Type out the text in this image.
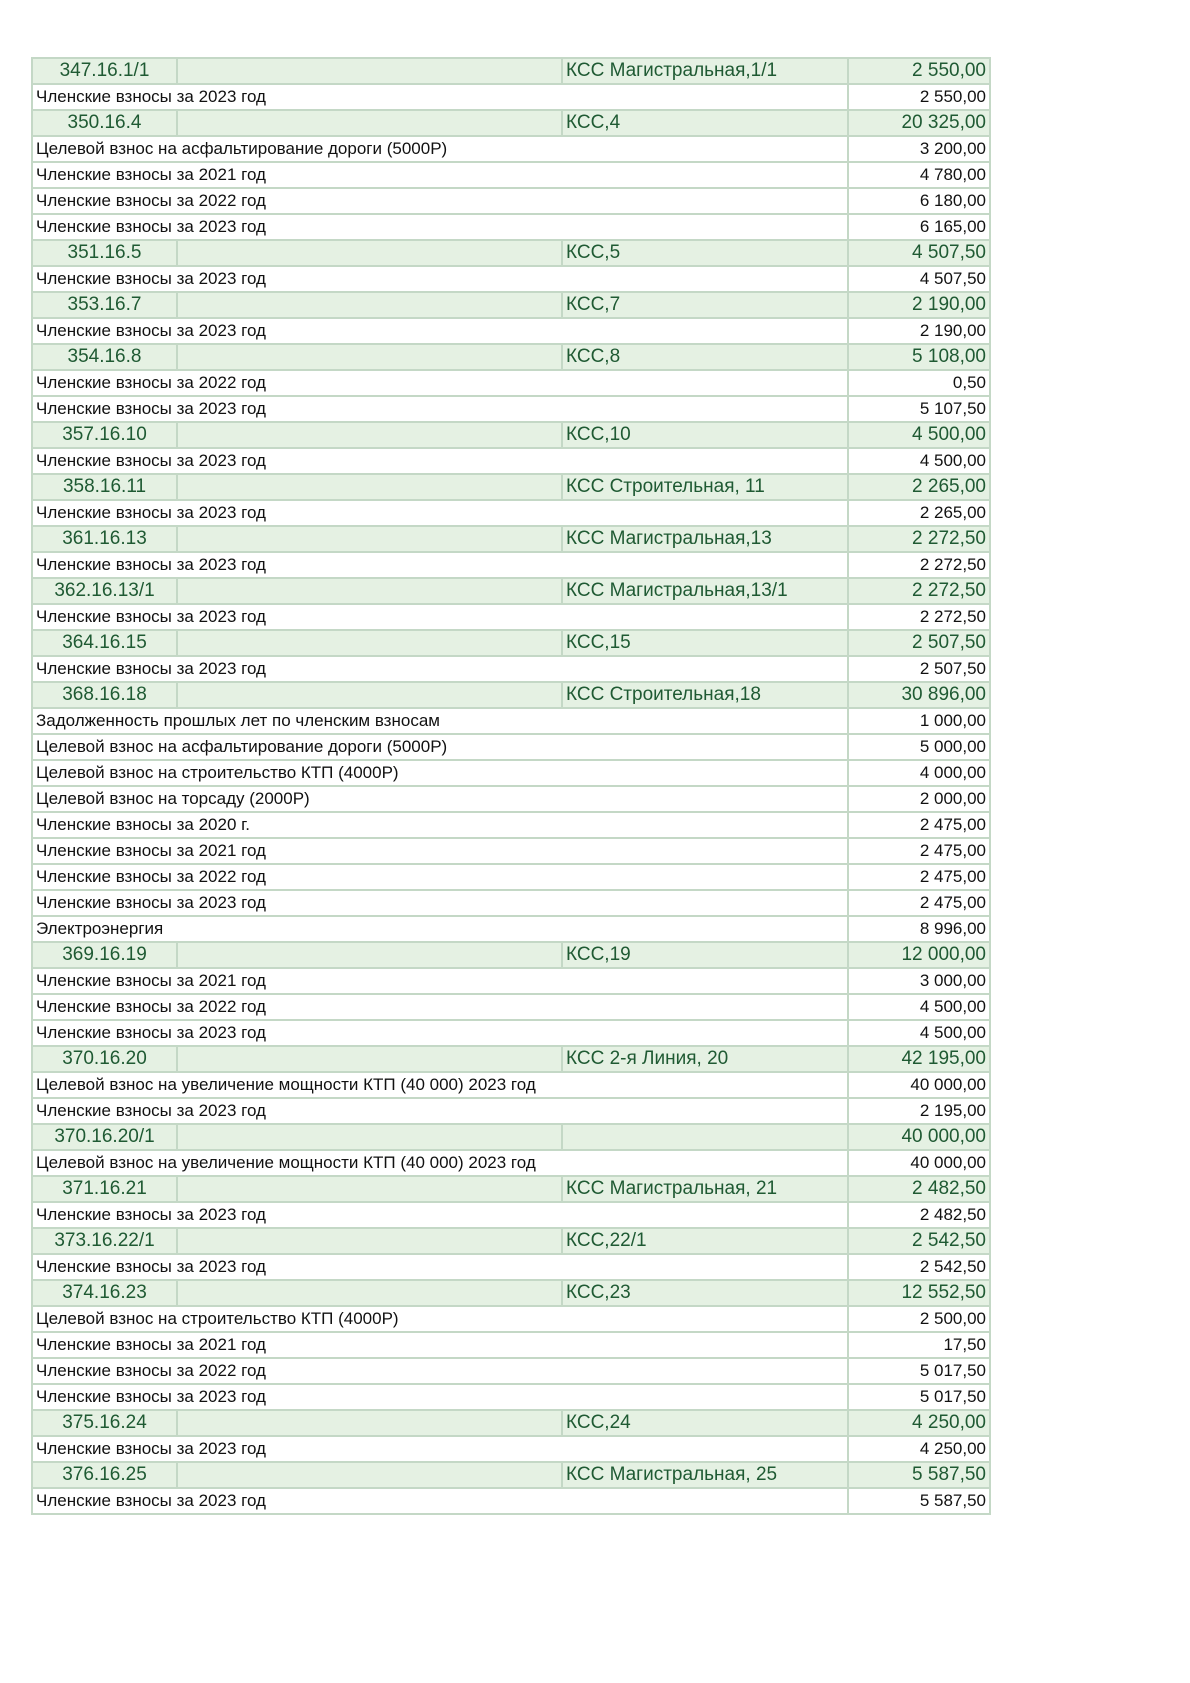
347.16.1/1		КСС Магистральная,1/1	2 550,00
Членские взносы за 2023 год			2 550,00
350.16.4		КСС,4	20 325,00
Целевой взнос на асфальтирование дороги (5000Р)			3 200,00
Членские взносы за 2021 год			4 780,00
Членские взносы за 2022 год			6 180,00
Членские взносы за 2023 год			6 165,00
351.16.5		КСС,5	4 507,50
Членские взносы за 2023 год			4 507,50
353.16.7		КСС,7	2 190,00
Членские взносы за 2023 год			2 190,00
354.16.8		КСС,8	5 108,00
Членские взносы за 2022 год			0,50
Членские взносы за 2023 год			5 107,50
357.16.10		КСС,10	4 500,00
Членские взносы за 2023 год			4 500,00
358.16.11		КСС Строительная, 11	2 265,00
Членские взносы за 2023 год			2 265,00
361.16.13		КСС Магистральная,13	2 272,50
Членские взносы за 2023 год			2 272,50
362.16.13/1		КСС Магистральная,13/1	2 272,50
Членские взносы за 2023 год			2 272,50
364.16.15		КСС,15	2 507,50
Членские взносы за 2023 год			2 507,50
368.16.18		КСС Строительная,18	30 896,00
Задолженность прошлых лет по членским взносам			1 000,00
Целевой взнос на асфальтирование дороги (5000Р)			5 000,00
Целевой взнос на строительство КТП (4000Р)			4 000,00
Целевой взнос на торсаду (2000Р)			2 000,00
Членские взносы за 2020 г.			2 475,00
Членские взносы за 2021 год			2 475,00
Членские взносы за 2022 год			2 475,00
Членские взносы за 2023 год			2 475,00
Электроэнергия			8 996,00
369.16.19		КСС,19	12 000,00
Членские взносы за 2021 год			3 000,00
Членские взносы за 2022 год			4 500,00
Членские взносы за 2023 год			4 500,00
370.16.20		КСС 2-я Линия, 20	42 195,00
Целевой взнос на увеличение мощности КТП (40 000) 2023 год			40 000,00
Членские взносы за 2023 год			2 195,00
370.16.20/1			40 000,00
Целевой взнос на увеличение мощности КТП (40 000) 2023 год			40 000,00
371.16.21		КСС Магистральная, 21	2 482,50
Членские взносы за 2023 год			2 482,50
373.16.22/1		КСС,22/1	2 542,50
Членские взносы за 2023 год			2 542,50
374.16.23		КСС,23	12 552,50
Целевой взнос на строительство КТП (4000Р)			2 500,00
Членские взносы за 2021 год			17,50
Членские взносы за 2022 год			5 017,50
Членские взносы за 2023 год			5 017,50
375.16.24		КСС,24	4 250,00
Членские взносы за 2023 год			4 250,00
376.16.25		КСС Магистральная, 25	5 587,50
Членские взносы за 2023 год			5 587,50
